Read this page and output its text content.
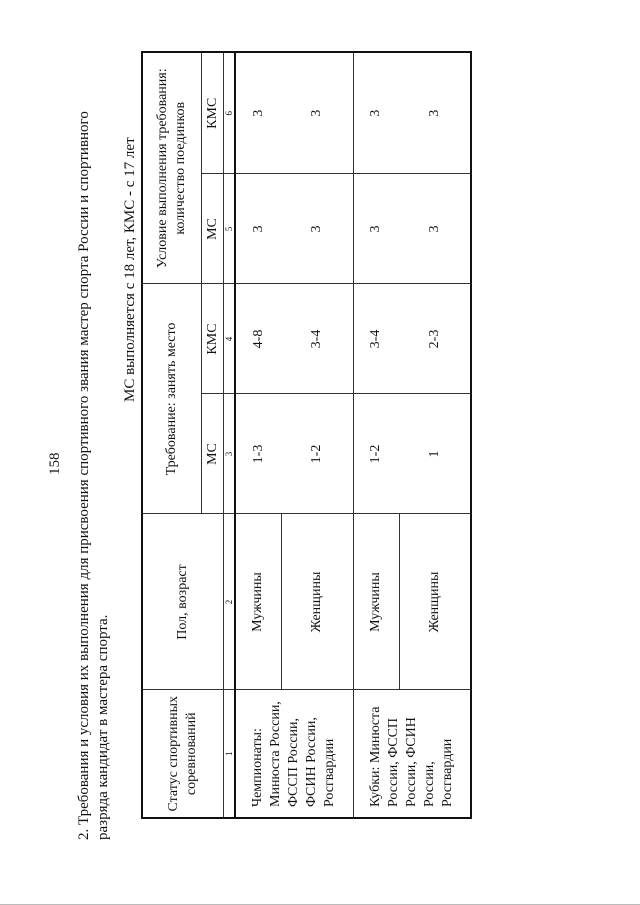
158 2. Требования и условия их выполнения для присвоения спортивного звания мастер спорта России и спортивного разряда кандидат в мастера спорта.
МС выполняется с 18 лет, КМС - с 17 лет
Статус спортивных соревнований	Пол, возраст	Требование: занять место		Условие выполнения требования: количество поединков	
		МС	КМС	МС	КМС
1	2	3	4	5	6
Чемпионаты: Минюста России, ФССП России, ФСИН России, Росгвардии	Мужчины	1-3	4-8	3	3
	Женщины	1-2	3-4	3	3
Кубки: Минюста России, ФССП России, ФСИН России, Росгвардии	Мужчины	1-2	3-4	3	3
	Женщины	1	2-3	3	3
